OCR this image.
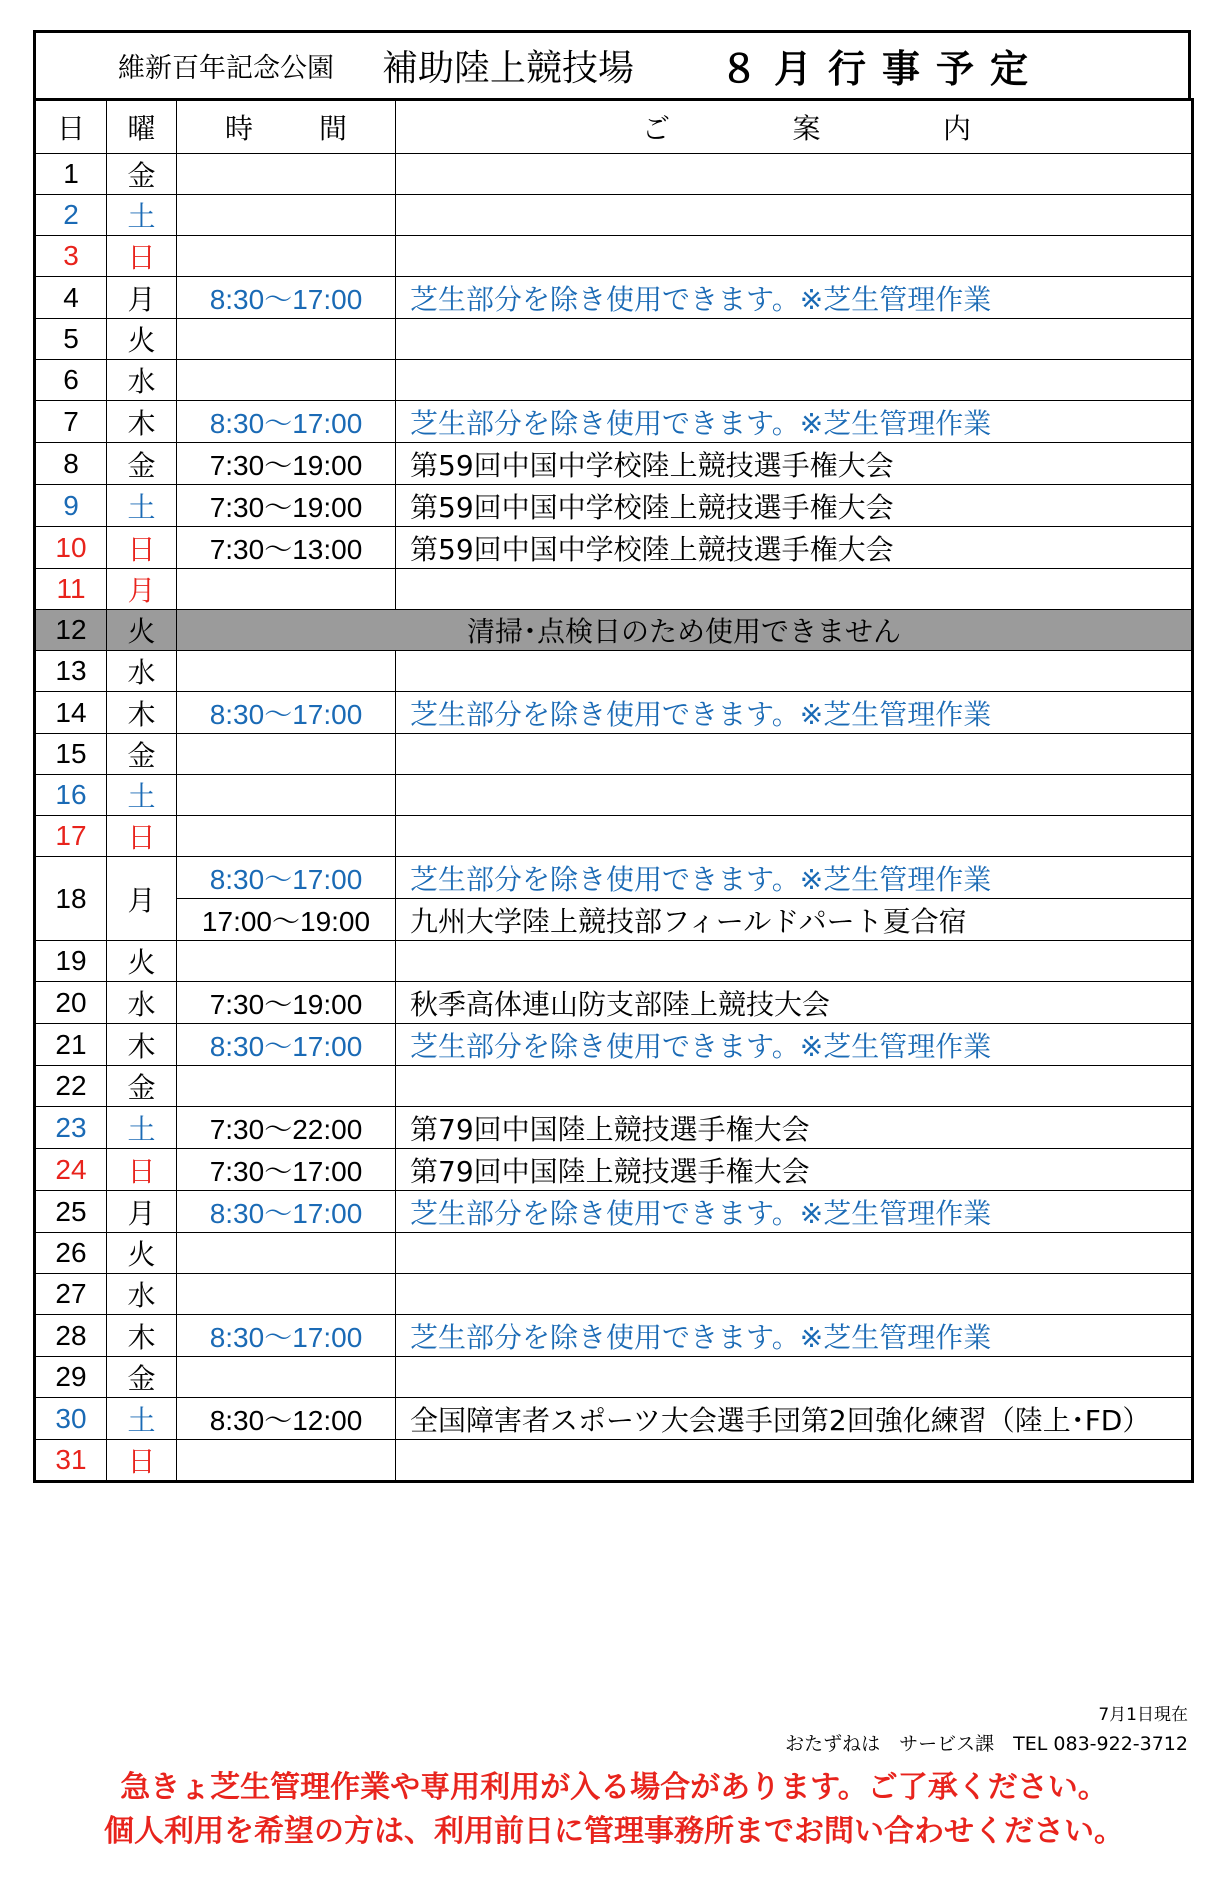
維新百年記念公園 補助陸上競技場 ８月行事予定
日	曜	時 間	ご 案 内

1	金		
2	土		
3	日		
4	月	8:30～17:00	芝生部分を除き使用できます。※芝生管理作業
5	火		
6	水		
7	木	8:30～17:00	芝生部分を除き使用できます。※芝生管理作業
8	金	7:30～19:00	第59回中国中学校陸上競技選手権大会
9	土	7:30～19:00	第59回中国中学校陸上競技選手権大会
10	日	7:30～13:00	第59回中国中学校陸上競技選手権大会
11	月		
12	火	清掃･点検日のため使用できません	
13	水		
14	木	8:30～17:00	芝生部分を除き使用できます。※芝生管理作業
15	金		
16	土		
17	日		
18	月	8:30～17:00	芝生部分を除き使用できます。※芝生管理作業
		17:00～19:00	九州大学陸上競技部フィールドパート夏合宿
19	火		
20	水	7:30～19:00	秋季高体連山防支部陸上競技大会
21	木	8:30～17:00	芝生部分を除き使用できます。※芝生管理作業
22	金		
23	土	7:30～22:00	第79回中国陸上競技選手権大会
24	日	7:30～17:00	第79回中国陸上競技選手権大会
25	月	8:30～17:00	芝生部分を除き使用できます。※芝生管理作業
26	火		
27	水		
28	木	8:30～17:00	芝生部分を除き使用できます。※芝生管理作業
29	金		
30	土	8:30～12:00	全国障害者スポーツ大会選手団第2回強化練習（陸上･FD）
31	日		
7月1日現在
おたずねは　サービス課　TEL 083-922-3712
急きょ芝生管理作業や専用利用が入る場合があります。ご了承ください。
個人利用を希望の方は、利用前日に管理事務所までお問い合わせください。
